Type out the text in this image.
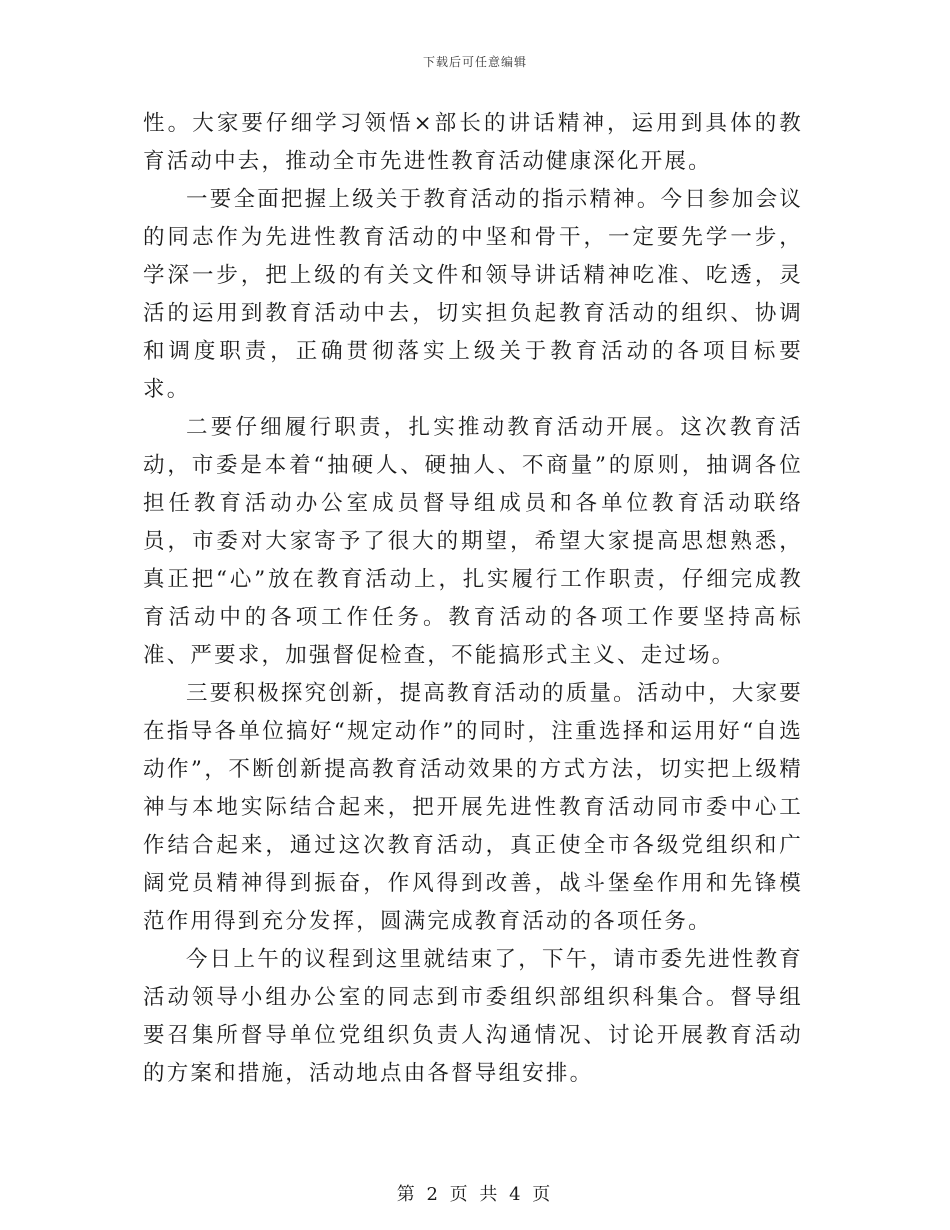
下载后可任意编辑

性。大家要仔细学习领悟×部长的讲话精神，运用到具体的教育活动中去，推动全市先进性教育活动健康深化开展。

一要全面把握上级关于教育活动的指示精神。今日参加会议的同志作为先进性教育活动的中坚和骨干，一定要先学一步，学深一步，把上级的有关文件和领导讲话精神吃准、吃透，灵活的运用到教育活动中去，切实担负起教育活动的组织、协调和调度职责，正确贯彻落实上级关于教育活动的各项目标要求。

二要仔细履行职责，扎实推动教育活动开展。这次教育活动，市委是本着“抽硬人、硬抽人、不商量”的原则，抽调各位担任教育活动办公室成员督导组成员和各单位教育活动联络员，市委对大家寄予了很大的期望，希望大家提高思想熟悉，真正把“心”放在教育活动上，扎实履行工作职责，仔细完成教育活动中的各项工作任务。教育活动的各项工作要坚持高标准、严要求，加强督促检查，不能搞形式主义、走过场。

三要积极探究创新，提高教育活动的质量。活动中，大家要在指导各单位搞好“规定动作”的同时，注重选择和运用好“自选动作”，不断创新提高教育活动效果的方式方法，切实把上级精神与本地实际结合起来，把开展先进性教育活动同市委中心工作结合起来，通过这次教育活动，真正使全市各级党组织和广阔党员精神得到振奋，作风得到改善，战斗堡垒作用和先锋模范作用得到充分发挥，圆满完成教育活动的各项任务。

今日上午的议程到这里就结束了，下午，请市委先进性教育活动领导小组办公室的同志到市委组织部组织科集合。督导组要召集所督导单位党组织负责人沟通情况、讨论开展教育活动的方案和措施，活动地点由各督导组安排。

第 2 页 共 4 页
